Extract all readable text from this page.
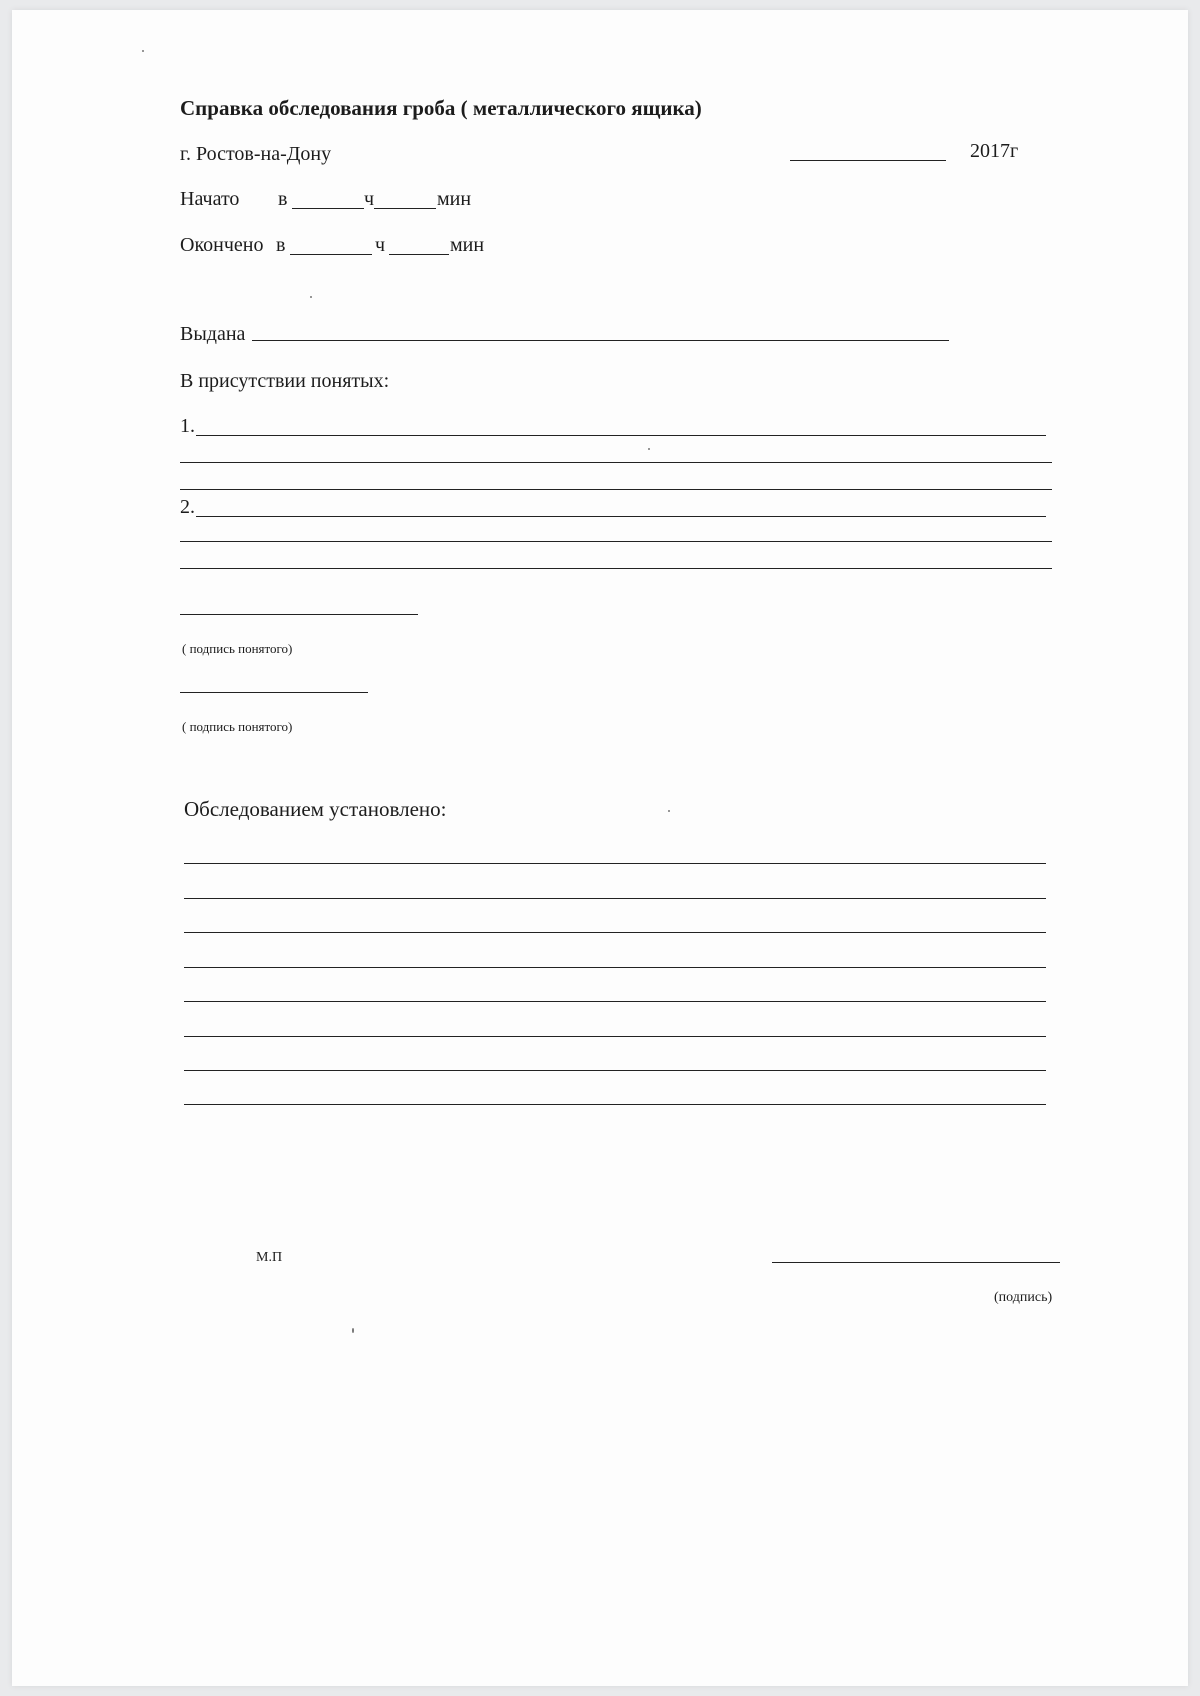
Справка обследования гроба ( металлического ящика)
г. Ростов-на-Дону	2017г
Начато в	ч	мин
Окончено в	ч	мин
Выдана
В присутствии понятых:
1.
2.
( подпись понятого)
( подпись понятого)
Обследованием установлено:
М.П
(подпись)
